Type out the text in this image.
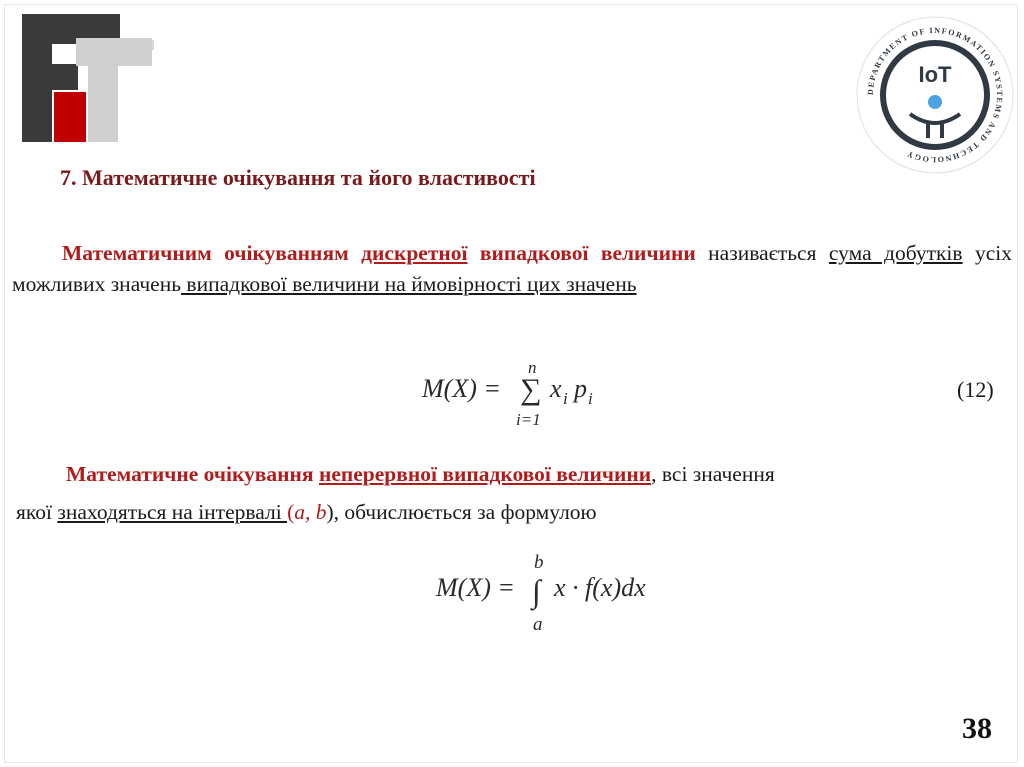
DEPARTMENT OF INFORMATION SYSTEMS AND TECHNOLOGY
IoT
7. Математичне очікування та його властивості
Математичним очікуванням дискретної випадкової величини називається сума добутків усіх можливих значень випадкової величини на ймовірності цих значень
M(X) =
n
∑
i=1
x i p i	(12)
Математичне очікування неперервної випадкової величини, всі значення
якої знаходяться на інтервалі (a, b), обчислюється за формулою
M(X) =
b
∫
a
x · f(x)dx
38
